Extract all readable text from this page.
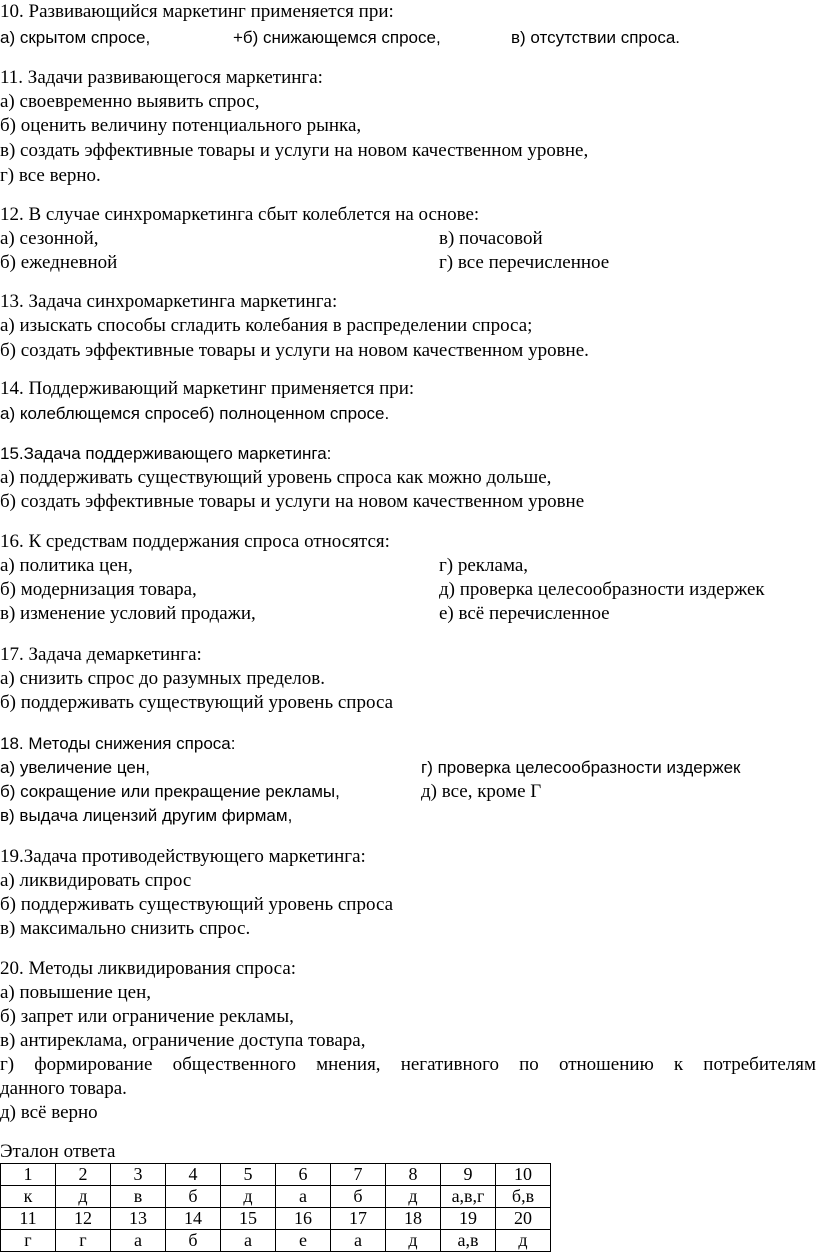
10. Развивающийся маркетинг применяется при:
а) скрытом спросе,	+б) снижающемся спросе,	в) отсутствии спроса.
11. Задачи развивающегося маркетинга:
а) своевременно выявить спрос,
б) оценить величину потенциального рынка,
в) создать эффективные товары и услуги на новом качественном уровне,
г) все верно.
12. В случае синхромаркетинга сбыт колеблется на основе:
а) сезонной,	в) почасовой
б) ежедневной	г) все перечисленное
13. Задача синхромаркетинга маркетинга:
а) изыскать способы сгладить колебания в распределении спроса;
б) создать эффективные товары и услуги на новом качественном уровне.
14. Поддерживающий маркетинг применяется при:
а) колеблющемся спросеб) полноценном спросе.
15.Задача поддерживающего маркетинга:
а) поддерживать существующий уровень спроса как можно дольше,
б) создать эффективные товары и услуги на новом качественном уровне
16. К средствам поддержания спроса относятся:
а) политика цен,	г) реклама,
б) модернизация товара,	д) проверка целесообразности издержек
в) изменение условий продажи,	е) всё перечисленное
17. Задача демаркетинга:
а) снизить спрос до разумных пределов.
б) поддерживать существующий уровень спроса
18. Методы снижения спроса:
а) увеличение цен,	г) проверка целесообразности издержек
б) сокращение или прекращение рекламы,	д) все, кроме Г
в) выдача лицензий другим фирмам,
19.Задача противодействующего маркетинга:
а) ликвидировать спрос
б) поддерживать существующий уровень спроса
в) максимально снизить спрос.
20. Методы ликвидирования спроса:
а) повышение цен,
б) запрет или ограничение рекламы,
в) антиреклама, ограничение доступа товара,
г) формирование общественного мнения, негативного по отношению к потребителям
данного товара.
д) всё верно
Эталон ответа
1	2	3	4	5	6	7	8	9	10
к	д	в	б	д	а	б	д	а,в,г	б,в
11	12	13	14	15	16	17	18	19	20
г	г	а	б	а	е	а	д	а,в	д
